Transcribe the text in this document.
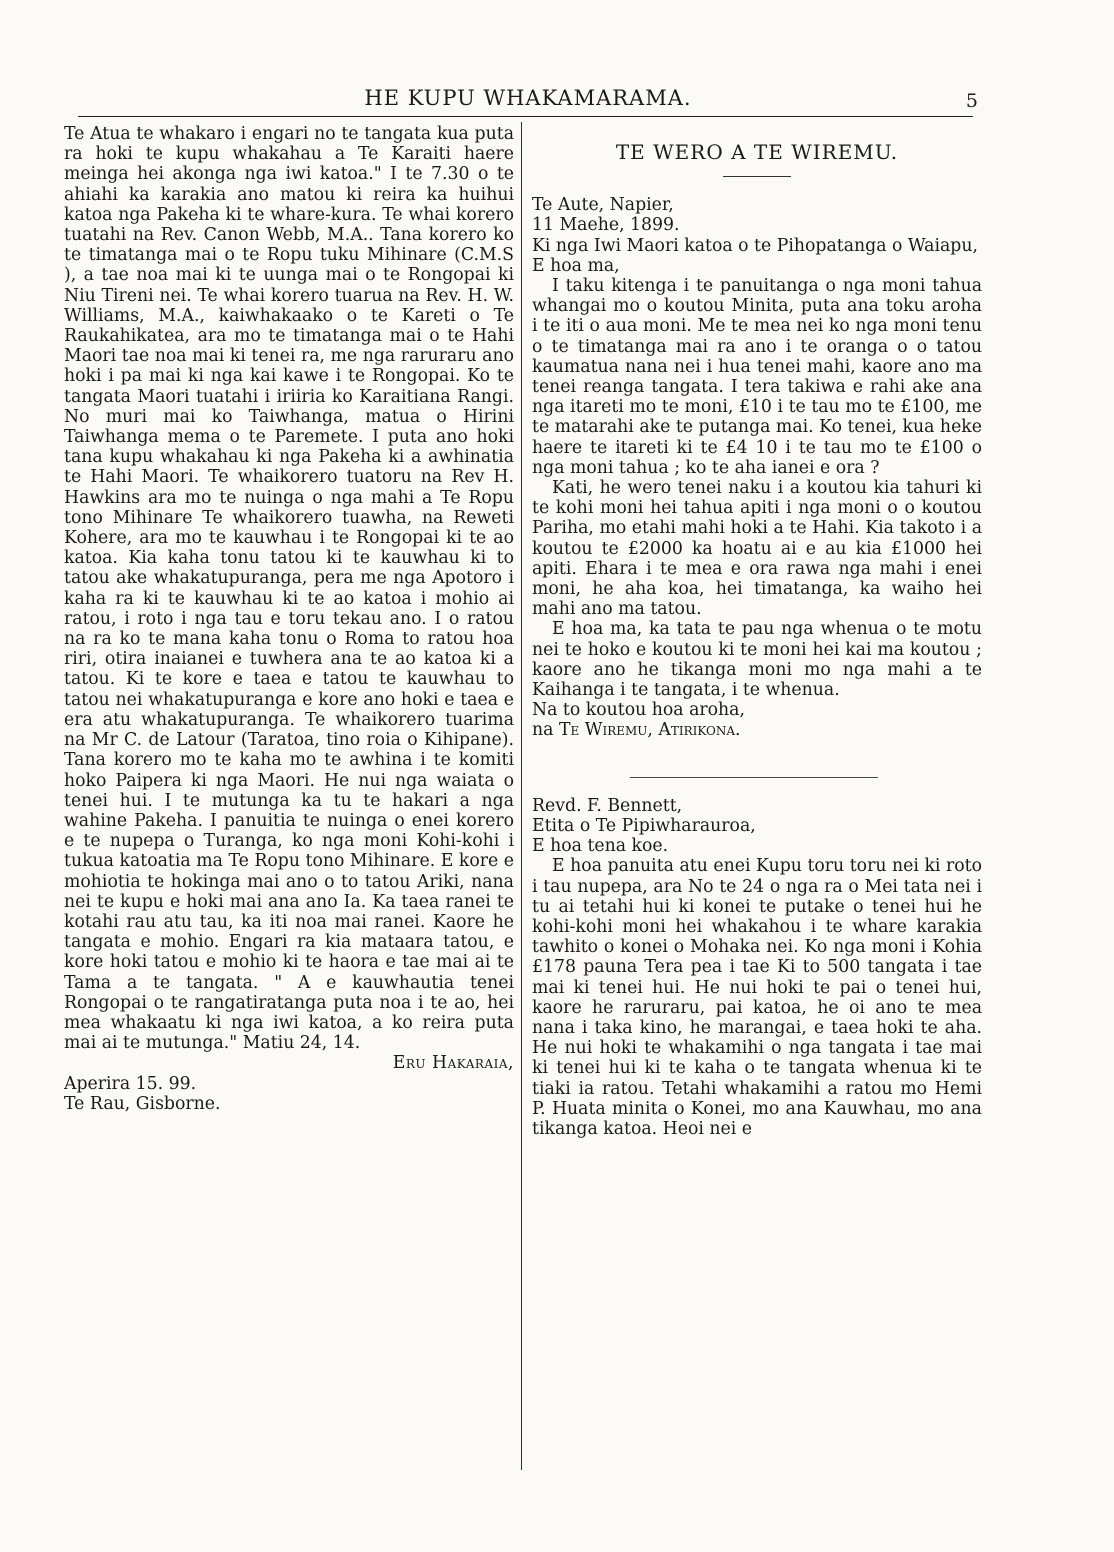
HE KUPU WHAKAMARAMA.	5

Te Atua te whakaro i engari no te tangata kua puta ra hoki te kupu whakahau a Te Karaiti haere meinga hei akonga nga iwi katoa." I te 7.30 o te ahiahi ka karakia ano matou ki reira ka huihui katoa nga Pakeha ki te whare-kura. Te whai korero tuatahi na Rev. Canon Webb, M.A.. Tana korero ko te timatanga mai o te Ropu tuku Mihinare (C.M.S ), a tae noa mai ki te uunga mai o te Rongopai ki Niu Tireni nei. Te whai korero tuarua na Rev. H. W. Williams, M.A., kaiwhakaako o te Kareti o Te Raukahikatea, ara mo te timatanga mai o te Hahi Maori tae noa mai ki tenei ra, me nga raruraru ano hoki i pa mai ki nga kai kawe i te Rongopai. Ko te tangata Maori tuatahi i iriiria ko Karaitiana Rangi. No muri mai ko Taiwhanga, matua o Hirini Taiwhanga mema o te Paremete. I puta ano hoki tana kupu whakahau ki nga Pakeha ki a awhinatia te Hahi Maori. Te whaikorero tuatoru na Rev H. Hawkins ara mo te nuinga o nga mahi a Te Ropu tono Mihinare Te whaikorero tuawha, na Reweti Kohere, ara mo te kauwhau i te Rongopai ki te ao katoa. Kia kaha tonu tatou ki te kauwhau ki to tatou ake whakatupuranga, pera me nga Apotoro i kaha ra ki te kauwhau ki te ao katoa i mohio ai ratou, i roto i nga tau e toru tekau ano. I o ratou na ra ko te mana kaha tonu o Roma to ratou hoa riri, otira inaianei e tuwhera ana te ao katoa ki a tatou. Ki te kore e taea e tatou te kauwhau to tatou nei whakatupuranga e kore ano hoki e taea e era atu whakatupuranga. Te whaikorero tuarima na Mr C. de Latour (Taratoa, tino roia o Kihipane). Tana korero mo te kaha mo te awhina i te komiti hoko Paipera ki nga Maori. He nui nga waiata o tenei hui. I te mutunga ka tu te hakari a nga wahine Pakeha. I panuitia te nuinga o enei korero e te nupepa o Turanga, ko nga moni Kohi-kohi i tukua katoatia ma Te Ropu tono Mihinare. E kore e mohiotia te hokinga mai ano o to tatou Ariki, nana nei te kupu e hoki mai ana ano Ia. Ka taea ranei te kotahi rau atu tau, ka iti noa mai ranei. Kaore he tangata e mohio. Engari ra kia mataara tatou, e kore hoki tatou e mohio ki te haora e tae mai ai te Tama a te tangata. " A e kauwhautia tenei Rongopai o te rangatiratanga puta noa i te ao, hei mea whakaatu ki nga iwi katoa, a ko reira puta mai ai te mutunga." Matiu 24, 14.

Eru Hakaraia,

Aperira 15. 99.

Te Rau, Gisborne.

TE WERO A TE WIREMU.

Te Aute, Napier,

11 Maehe, 1899.

Ki nga Iwi Maori katoa o te Pihopatanga o Waiapu,

E hoa ma,

I taku kitenga i te panuitanga o nga moni tahua whangai mo o koutou Minita, puta ana toku aroha i te iti o aua moni. Me te mea nei ko nga moni tenu o te timatanga mai ra ano i te oranga o o tatou kaumatua nana nei i hua tenei mahi, kaore ano ma tenei reanga tangata. I tera takiwa e rahi ake ana nga itareti mo te moni, £10 i te tau mo te £100, me te matarahi ake te putanga mai. Ko tenei, kua heke haere te itareti ki te £4 10 i te tau mo te £100 o nga moni tahua ; ko te aha ianei e ora ?

Kati, he wero tenei naku i a koutou kia tahuri ki te kohi moni hei tahua apiti i nga moni o o koutou Pariha, mo etahi mahi hoki a te Hahi. Kia takoto i a koutou te £2000 ka hoatu ai e au kia £1000 hei apiti. Ehara i te mea e ora rawa nga mahi i enei moni, he aha koa, hei timatanga, ka waiho hei mahi ano ma tatou.

E hoa ma, ka tata te pau nga whenua o te motu nei te hoko e koutou ki te moni hei kai ma koutou ; kaore ano he tikanga moni mo nga mahi a te Kaihanga i te tangata, i te whenua.

Na to koutou hoa aroha,

na Te Wiremu, Atirikona.

Revd. F. Bennett,

Etita o Te Pipiwharauroa,

E hoa tena koe.

E hoa panuita atu enei Kupu toru toru nei ki roto i tau nupepa, ara No te 24 o nga ra o Mei tata nei i tu ai tetahi hui ki konei te putake o tenei hui he kohi-kohi moni hei whakahou i te whare karakia tawhito o konei o Mohaka nei. Ko nga moni i Kohia £178 pauna Tera pea i tae Ki to 500 tangata i tae mai ki tenei hui. He nui hoki te pai o tenei hui, kaore he raruraru, pai katoa, he oi ano te mea nana i taka kino, he marangai, e taea hoki te aha. He nui hoki te whakamihi o nga tangata i tae mai ki tenei hui ki te kaha o te tangata whenua ki te tiaki ia ratou. Tetahi whakamihi a ratou mo Hemi P. Huata minita o Konei, mo ana Kauwhau, mo ana tikanga katoa. Heoi nei e
